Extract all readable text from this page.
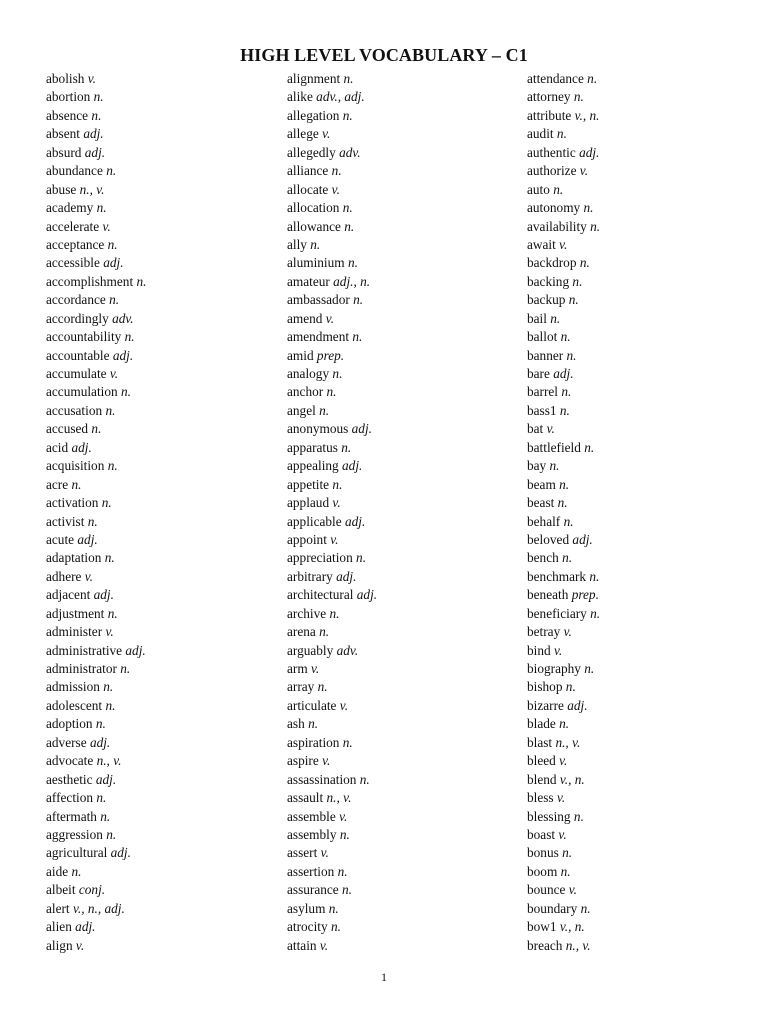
HIGH LEVEL VOCABULARY – C1
abolish v.
abortion n.
absence n.
absent adj.
absurd adj.
abundance n.
abuse n., v.
academy n.
accelerate v.
acceptance n.
accessible adj.
accomplishment n.
accordance n.
accordingly adv.
accountability n.
accountable adj.
accumulate v.
accumulation n.
accusation n.
accused n.
acid adj.
acquisition n.
acre n.
activation n.
activist n.
acute adj.
adaptation n.
adhere v.
adjacent adj.
adjustment n.
administer v.
administrative adj.
administrator n.
admission n.
adolescent n.
adoption n.
adverse adj.
advocate n., v.
aesthetic adj.
affection n.
aftermath n.
aggression n.
agricultural adj.
aide n.
albeit conj.
alert v., n., adj.
alien adj.
align v.
alignment n.
alike adv., adj.
allegation n.
allege v.
allegedly adv.
alliance n.
allocate v.
allocation n.
allowance n.
ally n.
aluminium n.
amateur adj., n.
ambassador n.
amend v.
amendment n.
amid prep.
analogy n.
anchor n.
angel n.
anonymous adj.
apparatus n.
appealing adj.
appetite n.
applaud v.
applicable adj.
appoint v.
appreciation n.
arbitrary adj.
architectural adj.
archive n.
arena n.
arguably adv.
arm v.
array n.
articulate v.
ash n.
aspiration n.
aspire v.
assassination n.
assault n., v.
assemble v.
assembly n.
assert v.
assertion n.
assurance n.
asylum n.
atrocity n.
attain v.
attendance n.
attorney n.
attribute v., n.
audit n.
authentic adj.
authorize v.
auto n.
autonomy n.
availability n.
await v.
backdrop n.
backing n.
backup n.
bail n.
ballot n.
banner n.
bare adj.
barrel n.
bass1 n.
bat v.
battlefield n.
bay n.
beam n.
beast n.
behalf n.
beloved adj.
bench n.
benchmark n.
beneath prep.
beneficiary n.
betray v.
bind v.
biography n.
bishop n.
bizarre adj.
blade n.
blast n., v.
bleed v.
blend v., n.
bless v.
blessing n.
boast v.
bonus n.
boom n.
bounce v.
boundary n.
bow1 v., n.
breach n., v.
1
